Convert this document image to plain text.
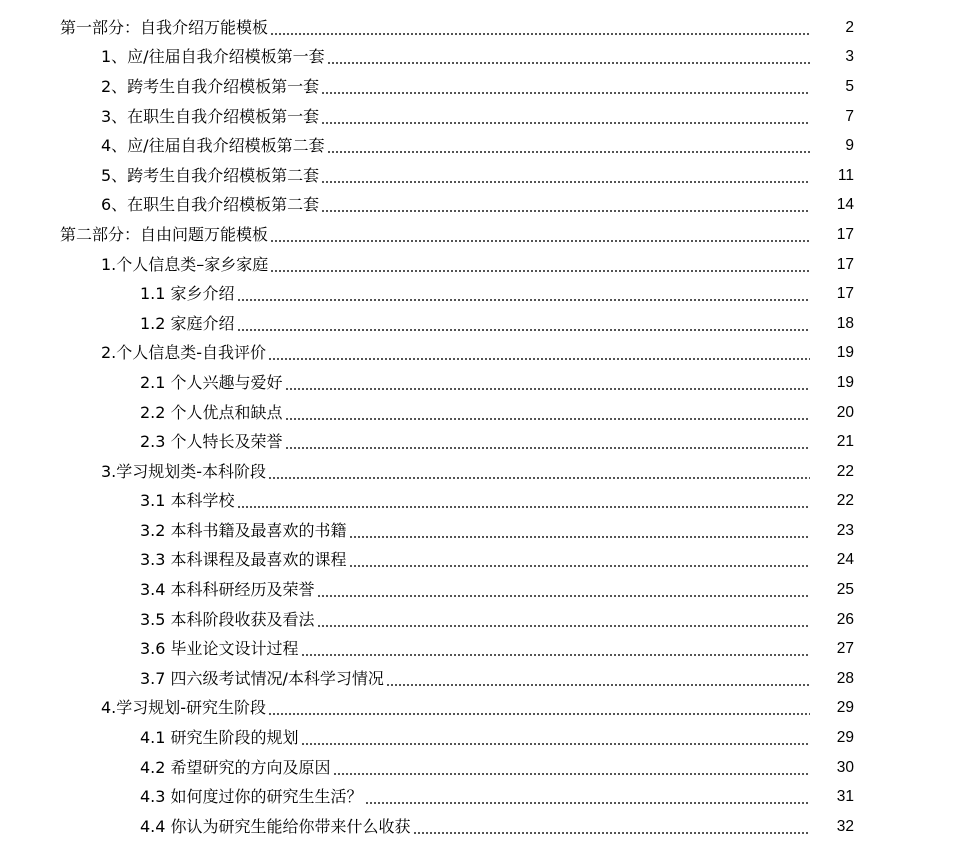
第一部分：自我介绍万能模板	2
1、应/往届自我介绍模板第一套	3
2、跨考生自我介绍模板第一套	5
3、在职生自我介绍模板第一套	7
4、应/往届自我介绍模板第二套	9
5、跨考生自我介绍模板第二套	11
6、在职生自我介绍模板第二套	14
第二部分：自由问题万能模板	17
1.个人信息类–家乡家庭	17
1.1 家乡介绍	17
1.2 家庭介绍	18
2.个人信息类-自我评价	19
2.1 个人兴趣与爱好	19
2.2 个人优点和缺点	20
2.3 个人特长及荣誉	21
3.学习规划类-本科阶段	22
3.1 本科学校	22
3.2 本科书籍及最喜欢的书籍	23
3.3 本科课程及最喜欢的课程	24
3.4 本科科研经历及荣誉	25
3.5 本科阶段收获及看法	26
3.6 毕业论文设计过程	27
3.7 四六级考试情况/本科学习情况	28
4.学习规划-研究生阶段	29
4.1 研究生阶段的规划	29
4.2 希望研究的方向及原因	30
4.3 如何度过你的研究生生活？	31
4.4 你认为研究生能给你带来什么收获	32
